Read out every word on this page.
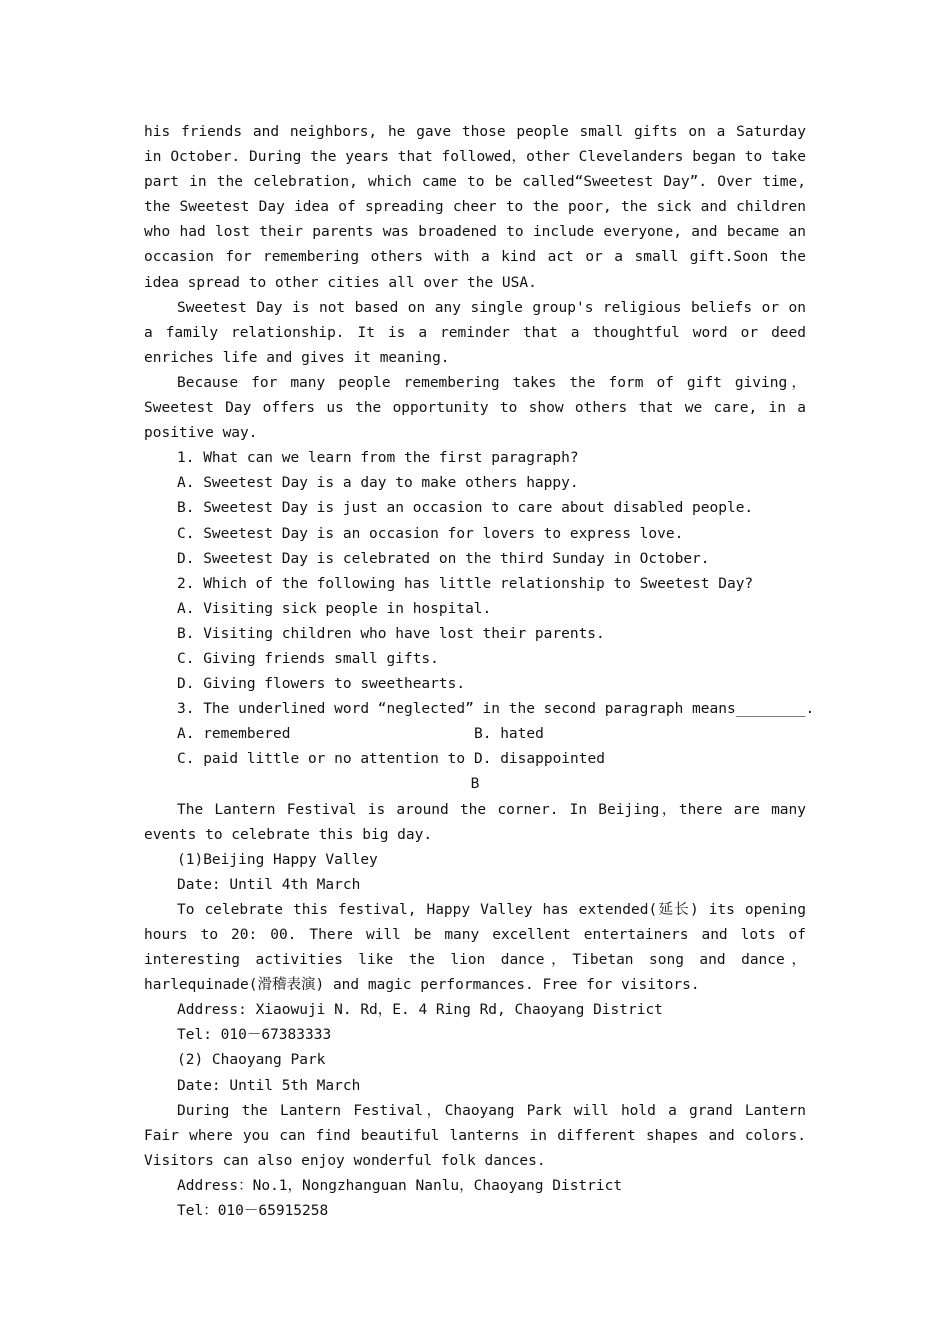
his friends and neighbors, he gave those people small gifts on a Saturday in October. During the years that followed，other Clevelanders began to take part in the celebration, which came to be called“Sweetest Day”. Over time, the Sweetest Day idea of spreading cheer to the poor, the sick and children who had lost their parents was broadened to include everyone, and became an occasion for remembering others with a kind act or a small gift.Soon the idea spread to other cities all over the USA.

Sweetest Day is not based on any single group's religious beliefs or on a family relationship. It is a reminder that a thoughtful word or deed enriches life and gives it meaning.

Because for many people remembering takes the form of gift giving，Sweetest Day offers us the opportunity to show others that we care, in a positive way.

1. What can we learn from the first paragraph?

A. Sweetest Day is a day to make others happy.

B. Sweetest Day is just an occasion to care about disabled people.

C. Sweetest Day is an occasion for lovers to express love.

D. Sweetest Day is celebrated on the third Sunday in October.

2. Which of the following has little relationship to Sweetest Day?

A. Visiting sick people in hospital.

B. Visiting children who have lost their parents.

C. Giving friends small gifts.

D. Giving flowers to sweethearts.

3. The underlined word “neglected” in the second paragraph means________.

A. remembered	B. hated
C. paid little or no attention to D. disappointed

B

The Lantern Festival is around the corner. In Beijing，there are many events to celebrate this big day.

(1)Beijing Happy Valley

Date: Until 4th March

To celebrate this festival, Happy Valley has extended(延长) its opening hours to 20: 00. There will be many excellent entertainers and lots of interesting activities like the lion dance，Tibetan song and dance，harlequinade(滑稽表演) and magic performances. Free for visitors.

Address: Xiaowuji N. Rd，E. 4 Ring Rd, Chaoyang District

Tel: 010－67383333

(2) Chaoyang Park

Date: Until 5th March

During the Lantern Festival，Chaoyang Park will hold a grand Lantern Fair where you can find beautiful lanterns in different shapes and colors. Visitors can also enjoy wonderful folk dances.

Address：No.1，Nongzhanguan Nanlu，Chaoyang District

Tel：010－65915258
